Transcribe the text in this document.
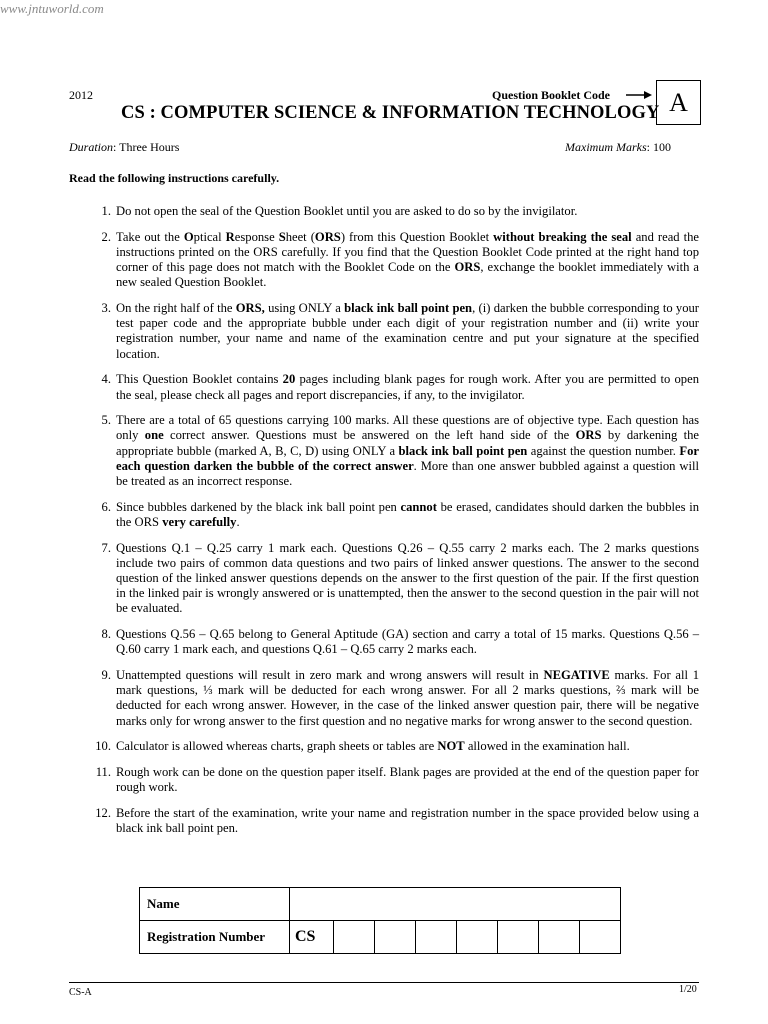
www.jntuworld.com
2012	Question Booklet Code	A
CS : COMPUTER SCIENCE & INFORMATION TECHNOLOGY
Duration: Three Hours	Maximum Marks: 100
Read the following instructions carefully.
1. Do not open the seal of the Question Booklet until you are asked to do so by the invigilator.
2. Take out the Optical Response Sheet (ORS) from this Question Booklet without breaking the seal and read the instructions printed on the ORS carefully. If you find that the Question Booklet Code printed at the right hand top corner of this page does not match with the Booklet Code on the ORS, exchange the booklet immediately with a new sealed Question Booklet.
3. On the right half of the ORS, using ONLY a black ink ball point pen, (i) darken the bubble corresponding to your test paper code and the appropriate bubble under each digit of your registration number and (ii) write your registration number, your name and name of the examination centre and put your signature at the specified location.
4. This Question Booklet contains 20 pages including blank pages for rough work. After you are permitted to open the seal, please check all pages and report discrepancies, if any, to the invigilator.
5. There are a total of 65 questions carrying 100 marks. All these questions are of objective type. Each question has only one correct answer. Questions must be answered on the left hand side of the ORS by darkening the appropriate bubble (marked A, B, C, D) using ONLY a black ink ball point pen against the question number. For each question darken the bubble of the correct answer. More than one answer bubbled against a question will be treated as an incorrect response.
6. Since bubbles darkened by the black ink ball point pen cannot be erased, candidates should darken the bubbles in the ORS very carefully.
7. Questions Q.1 – Q.25 carry 1 mark each. Questions Q.26 – Q.55 carry 2 marks each. The 2 marks questions include two pairs of common data questions and two pairs of linked answer questions. The answer to the second question of the linked answer questions depends on the answer to the first question of the pair. If the first question in the linked pair is wrongly answered or is unattempted, then the answer to the second question in the pair will not be evaluated.
8. Questions Q.56 – Q.65 belong to General Aptitude (GA) section and carry a total of 15 marks. Questions Q.56 – Q.60 carry 1 mark each, and questions Q.61 – Q.65 carry 2 marks each.
9. Unattempted questions will result in zero mark and wrong answers will result in NEGATIVE marks. For all 1 mark questions, ⅓ mark will be deducted for each wrong answer. For all 2 marks questions, ⅔ mark will be deducted for each wrong answer. However, in the case of the linked answer question pair, there will be negative marks only for wrong answer to the first question and no negative marks for wrong answer to the second question.
10. Calculator is allowed whereas charts, graph sheets or tables are NOT allowed in the examination hall.
11. Rough work can be done on the question paper itself. Blank pages are provided at the end of the question paper for rough work.
12. Before the start of the examination, write your name and registration number in the space provided below using a black ink ball point pen.
Name								
Registration Number	CS							
CS-A	1/20
